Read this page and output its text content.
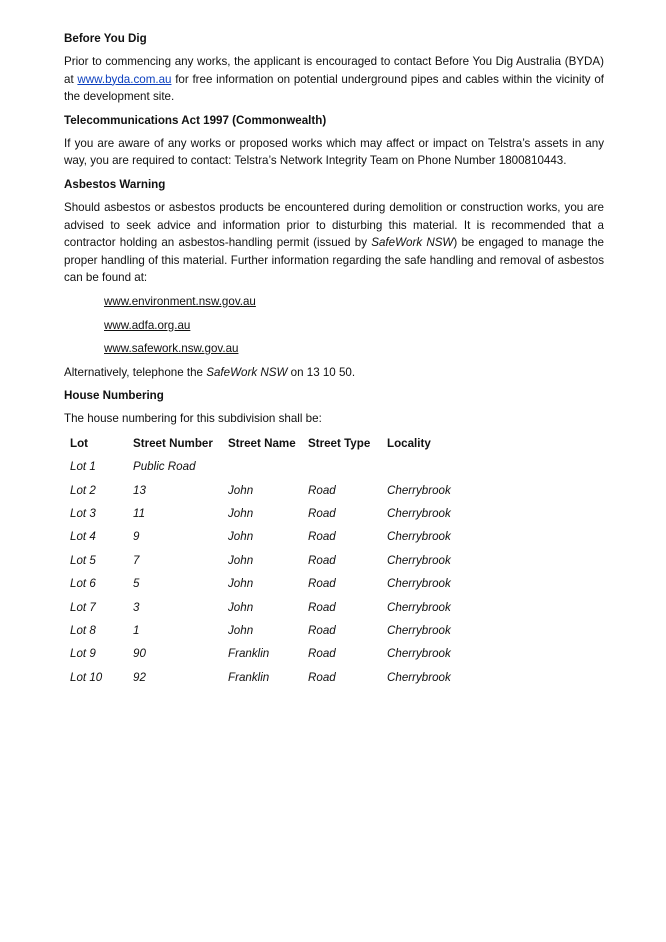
Before You Dig

Prior to commencing any works, the applicant is encouraged to contact Before You Dig Australia (BYDA) at www.byda.com.au for free information on potential underground pipes and cables within the vicinity of the development site.

Telecommunications Act 1997 (Commonwealth)

If you are aware of any works or proposed works which may affect or impact on Telstra’s assets in any way, you are required to contact: Telstra’s Network Integrity Team on Phone Number 1800810443.

Asbestos Warning

Should asbestos or asbestos products be encountered during demolition or construction works, you are advised to seek advice and information prior to disturbing this material. It is recommended that a contractor holding an asbestos-handling permit (issued by SafeWork NSW) be engaged to manage the proper handling of this material. Further information regarding the safe handling and removal of asbestos can be found at:

www.environment.nsw.gov.au
www.adfa.org.au
www.safework.nsw.gov.au

Alternatively, telephone the SafeWork NSW on 13 10 50.

House Numbering

The house numbering for this subdivision shall be:

Lot	Street Number	Street Name	Street Type	Locality
Lot 1	Public Road			
Lot 2	13	John	Road	Cherrybrook
Lot 3	11	John	Road	Cherrybrook
Lot 4	9	John	Road	Cherrybrook
Lot 5	7	John	Road	Cherrybrook
Lot 6	5	John	Road	Cherrybrook
Lot 7	3	John	Road	Cherrybrook
Lot 8	1	John	Road	Cherrybrook
Lot 9	90	Franklin	Road	Cherrybrook
Lot 10	92	Franklin	Road	Cherrybrook
